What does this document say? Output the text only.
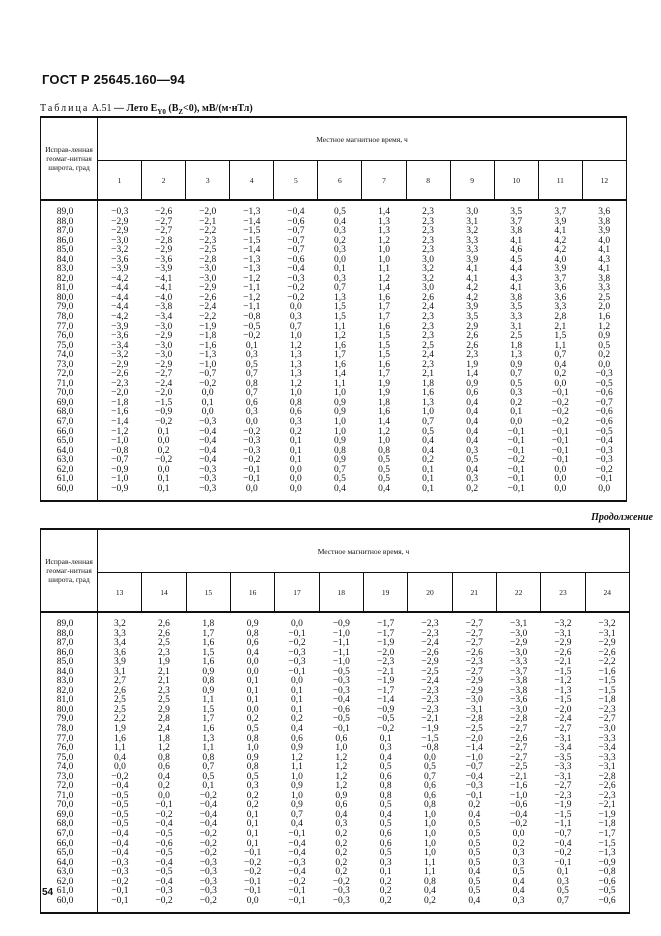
ГОСТ Р 25645.160—94
Таблица А.51 — Лето $E_{Y0}$ $(B_Z<0)$, мВ/(м·нТл)
Исправ-ленная геомаг-нитная широта, град	Местное магнитное время, ч											
	1	2	3	4	5	6	7	8	9	10	11	12
89,0	−0,3	−2,6	−2,0	−1,3	−0,4	0,5	1,4	2,3	3,0	3,5	3,7	3,6
88,0	−2,9	−2,7	−2,1	−1,4	−0,6	0,4	1,3	2,3	3,1	3,7	3,9	3,8
87,0	−2,9	−2,7	−2,2	−1,5	−0,7	0,3	1,3	2,3	3,2	3,8	4,1	3,9
86,0	−3,0	−2,8	−2,3	−1,5	−0,7	0,2	1,2	2,3	3,3	4,1	4,2	4,0
85,0	−3,2	−2,9	−2,5	−1,4	−0,7	0,3	1,0	2,3	3,3	4,6	4,2	4,1
84,0	−3,6	−3,6	−2,8	−1,3	−0,6	0,0	1,0	3,0	3,9	4,5	4,0	4,3
83,0	−3,9	−3,9	−3,0	−1,3	−0,4	0,1	1,1	3,2	4,1	4,4	3,9	4,1
82,0	−4,2	−4,1	−3,0	−1,2	−0,3	0,3	1,2	3,2	4,1	4,3	3,7	3,8
81,0	−4,4	−4,1	−2,9	−1,1	−0,2	0,7	1,4	3,0	4,2	4,1	3,6	3,3
80,0	−4,4	−4,0	−2,6	−1,2	−0,2	1,3	1,6	2,6	4,2	3,8	3,6	2,5
79,0	−4,4	−3,8	−2,4	−1,1	0,0	1,5	1,7	2,4	3,9	3,5	3,3	2,0
78,0	−4,2	−3,4	−2,2	−0,8	0,3	1,5	1,7	2,3	3,5	3,3	2,8	1,6
77,0	−3,9	−3,0	−1,9	−0,5	0,7	1,1	1,6	2,3	2,9	3,1	2,1	1,2
76,0	−3,6	−2,9	−1,8	−0,2	1,0	1,2	1,5	2,3	2,6	2,5	1,5	0,9
75,0	−3,4	−3,0	−1,6	0,1	1,2	1,6	1,5	2,5	2,6	1,8	1,1	0,5
74,0	−3,2	−3,0	−1,3	0,3	1,3	1,7	1,5	2,4	2,3	1,3	0,7	0,2
73,0	−2,9	−2,9	−1,0	0,5	1,3	1,6	1,6	2,3	1,9	0,9	0,4	0,0
72,0	−2,6	−2,7	−0,7	0,7	1,3	1,4	1,7	2,1	1,4	0,7	0,2	−0,3
71,0	−2,3	−2,4	−0,2	0,8	1,2	1,1	1,9	1,8	0,9	0,5	0,0	−0,5
70,0	−2,0	−2,0	0,0	0,7	1,0	1,0	1,9	1,6	0,6	0,3	−0,1	−0,6
69,0	−1,8	−1,5	0,1	0,6	0,8	0,9	1,8	1,3	0,4	0,2	−0,2	−0,7
68,0	−1,6	−0,9	0,0	0,3	0,6	0,9	1,6	1,0	0,4	0,1	−0,2	−0,6
67,0	−1,4	−0,2	−0,3	0,0	0,3	1,0	1,4	0,7	0,4	0,0	−0,2	−0,6
66,0	−1,2	0,1	−0,4	−0,2	0,2	1,0	1,2	0,5	0,4	−0,1	−0,1	−0,5
65,0	−1,0	0,0	−0,4	−0,3	0,1	0,9	1,0	0,4	0,4	−0,1	−0,1	−0,4
64,0	−0,8	0,2	−0,4	−0,3	0,1	0,8	0,8	0,4	0,3	−0,1	−0,1	−0,3
63,0	−0,7	−0,2	−0,4	−0,2	0,1	0,9	0,5	0,2	0,5	−0,2	−0,1	−0,3
62,0	−0,9	0,0	−0,3	−0,1	0,0	0,7	0,5	0,1	0,4	−0,1	0,0	−0,2
61,0	−1,0	0,1	−0,3	−0,1	0,0	0,5	0,5	0,1	0,3	−0,1	0,0	−0,1
60,0	−0,9	0,1	−0,3	0,0	0,0	0,4	0,4	0,1	0,2	−0,1	0,0	0,0
Продолжение
Исправ-ленная геомаг-нитная широта, град	Местное магнитное время, ч											
	13	14	15	16	17	18	19	20	21	22	23	24
89,0	3,2	2,6	1,8	0,9	0,0	−0,9	−1,7	−2,3	−2,7	−3,1	−3,2	−3,2
88,0	3,3	2,6	1,7	0,8	−0,1	−1,0	−1,7	−2,3	−2,7	−3,0	−3,1	−3,1
87,0	3,4	2,5	1,6	0,6	−0,2	−1,1	−1,9	−2,4	−2,7	−2,9	−2,9	−2,9
86,0	3,6	2,3	1,5	0,4	−0,3	−1,1	−2,0	−2,6	−2,6	−3,0	−2,6	−2,6
85,0	3,9	1,9	1,6	0,0	−0,3	−1,0	−2,3	−2,9	−2,3	−3,3	−2,1	−2,2
84,0	3,1	2,1	0,9	0,0	−0,1	−0,5	−2,1	−2,5	−2,7	−3,7	−1,5	−1,6
83,0	2,7	2,1	0,8	0,1	0,0	−0,3	−1,9	−2,4	−2,9	−3,8	−1,2	−1,5
82,0	2,6	2,3	0,9	0,1	0,1	−0,3	−1,7	−2,3	−2,9	−3,8	−1,3	−1,5
81,0	2,5	2,5	1,1	0,1	0,1	−0,4	−1,4	−2,3	−3,0	−3,6	−1,5	−1,8
80,0	2,5	2,9	1,5	0,0	0,1	−0,6	−0,9	−2,3	−3,1	−3,0	−2,0	−2,3
79,0	2,2	2,8	1,7	0,2	0,2	−0,5	−0,5	−2,1	−2,8	−2,8	−2,4	−2,7
78,0	1,9	2,4	1,6	0,5	0,4	−0,1	−0,2	−1,9	−2,5	−2,7	−2,7	−3,0
77,0	1,6	1,8	1,3	0,8	0,6	0,6	0,1	−1,5	−2,0	−2,6	−3,1	−3,3
76,0	1,1	1,2	1,1	1,0	0,9	1,0	0,3	−0,8	−1,4	−2,7	−3,4	−3,4
75,0	0,4	0,8	0,8	0,9	1,2	1,2	0,4	0,0	−1,0	−2,7	−3,5	−3,3
74,0	0,0	0,6	0,7	0,8	1,1	1,2	0,5	0,5	−0,7	−2,5	−3,3	−3,1
73,0	−0,2	0,4	0,5	0,5	1,0	1,2	0,6	0,7	−0,4	−2,1	−3,1	−2,8
72,0	−0,4	0,2	0,1	0,3	0,9	1,2	0,8	0,6	−0,3	−1,6	−2,7	−2,6
71,0	−0,5	0,0	−0,2	0,2	1,0	0,9	0,8	0,6	−0,1	−1,0	−2,3	−2,3
70,0	−0,5	−0,1	−0,4	0,2	0,9	0,6	0,5	0,8	0,2	−0,6	−1,9	−2,1
69,0	−0,5	−0,2	−0,4	0,1	0,7	0,4	0,4	1,0	0,4	−0,4	−1,5	−1,9
68,0	−0,5	−0,4	−0,4	0,1	0,4	0,3	0,5	1,0	0,5	−0,2	−1,1	−1,8
67,0	−0,4	−0,5	−0,2	0,1	−0,1	0,2	0,6	1,0	0,5	0,0	−0,7	−1,7
66,0	−0,4	−0,6	−0,2	0,1	−0,4	0,2	0,6	1,0	0,5	0,2	−0,4	−1,5
65,0	−0,4	−0,5	−0,2	−0,1	−0,4	0,2	0,5	1,0	0,5	0,3	−0,2	−1,3
64,0	−0,3	−0,4	−0,3	−0,2	−0,3	0,2	0,3	1,1	0,5	0,3	−0,1	−0,9
63,0	−0,3	−0,5	−0,3	−0,2	−0,4	0,2	0,1	1,1	0,4	0,5	0,1	−0,8
62,0	−0,2	−0,4	−0,3	−0,1	−0,2	−0,2	0,2	0,8	0,5	0,4	0,3	−0,6
61,0	−0,1	−0,3	−0,3	−0,1	−0,1	−0,3	0,2	0,4	0,5	0,4	0,5	−0,5
60,0	−0,1	−0,2	−0,2	0,0	−0,1	−0,3	0,2	0,2	0,4	0,3	0,7	−0,6
54
